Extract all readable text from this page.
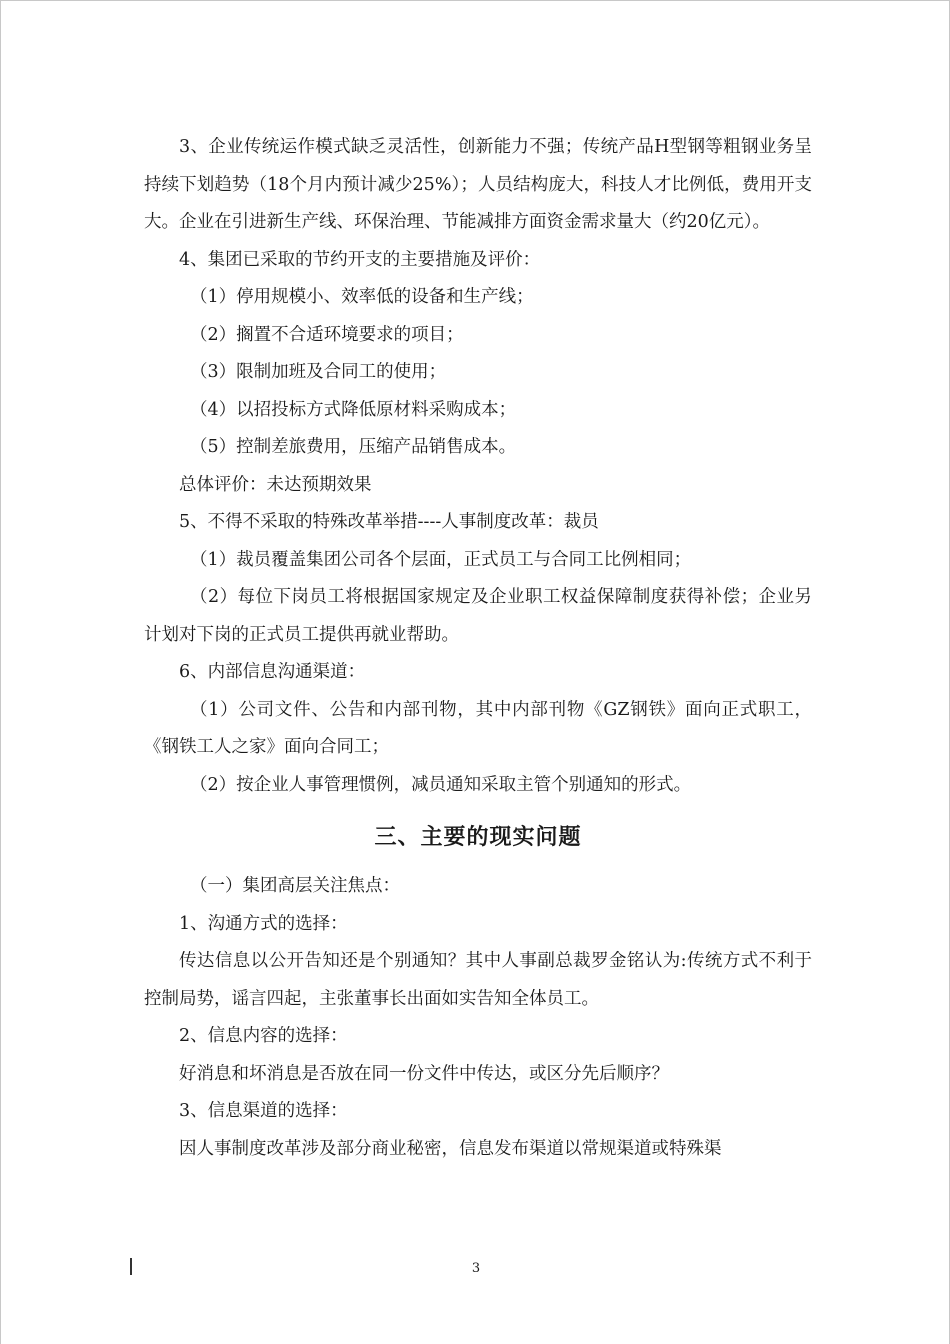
3、企业传统运作模式缺乏灵活性，创新能力不强；传统产品H型钢等粗钢业务呈持续下划趋势（18个月内预计减少25%）；人员结构庞大，科技人才比例低，费用开支大。企业在引进新生产线、环保治理、节能减排方面资金需求量大（约20亿元）。

4、集团已采取的节约开支的主要措施及评价：

（1）停用规模小、效率低的设备和生产线；

（2）搁置不合适环境要求的项目；

（3）限制加班及合同工的使用；

（4）以招投标方式降低原材料采购成本；

（5）控制差旅费用，压缩产品销售成本。

总体评价：未达预期效果

5、不得不采取的特殊改革举措----人事制度改革：裁员

（1）裁员覆盖集团公司各个层面，正式员工与合同工比例相同；

（2）每位下岗员工将根据国家规定及企业职工权益保障制度获得补偿；企业另计划对下岗的正式员工提供再就业帮助。

6、内部信息沟通渠道：

（1）公司文件、公告和内部刊物，其中内部刊物《GZ钢铁》面向正式职工，《钢铁工人之家》面向合同工；

（2）按企业人事管理惯例，减员通知采取主管个别通知的形式。

三、主要的现实问题

（一）集团高层关注焦点：

1、沟通方式的选择：

传达信息以公开告知还是个别通知？其中人事副总裁罗金铭认为:传统方式不利于控制局势，谣言四起，主张董事长出面如实告知全体员工。

2、信息内容的选择：

好消息和坏消息是否放在同一份文件中传达，或区分先后顺序？

3、信息渠道的选择：

因人事制度改革涉及部分商业秘密，信息发布渠道以常规渠道或特殊渠

3
